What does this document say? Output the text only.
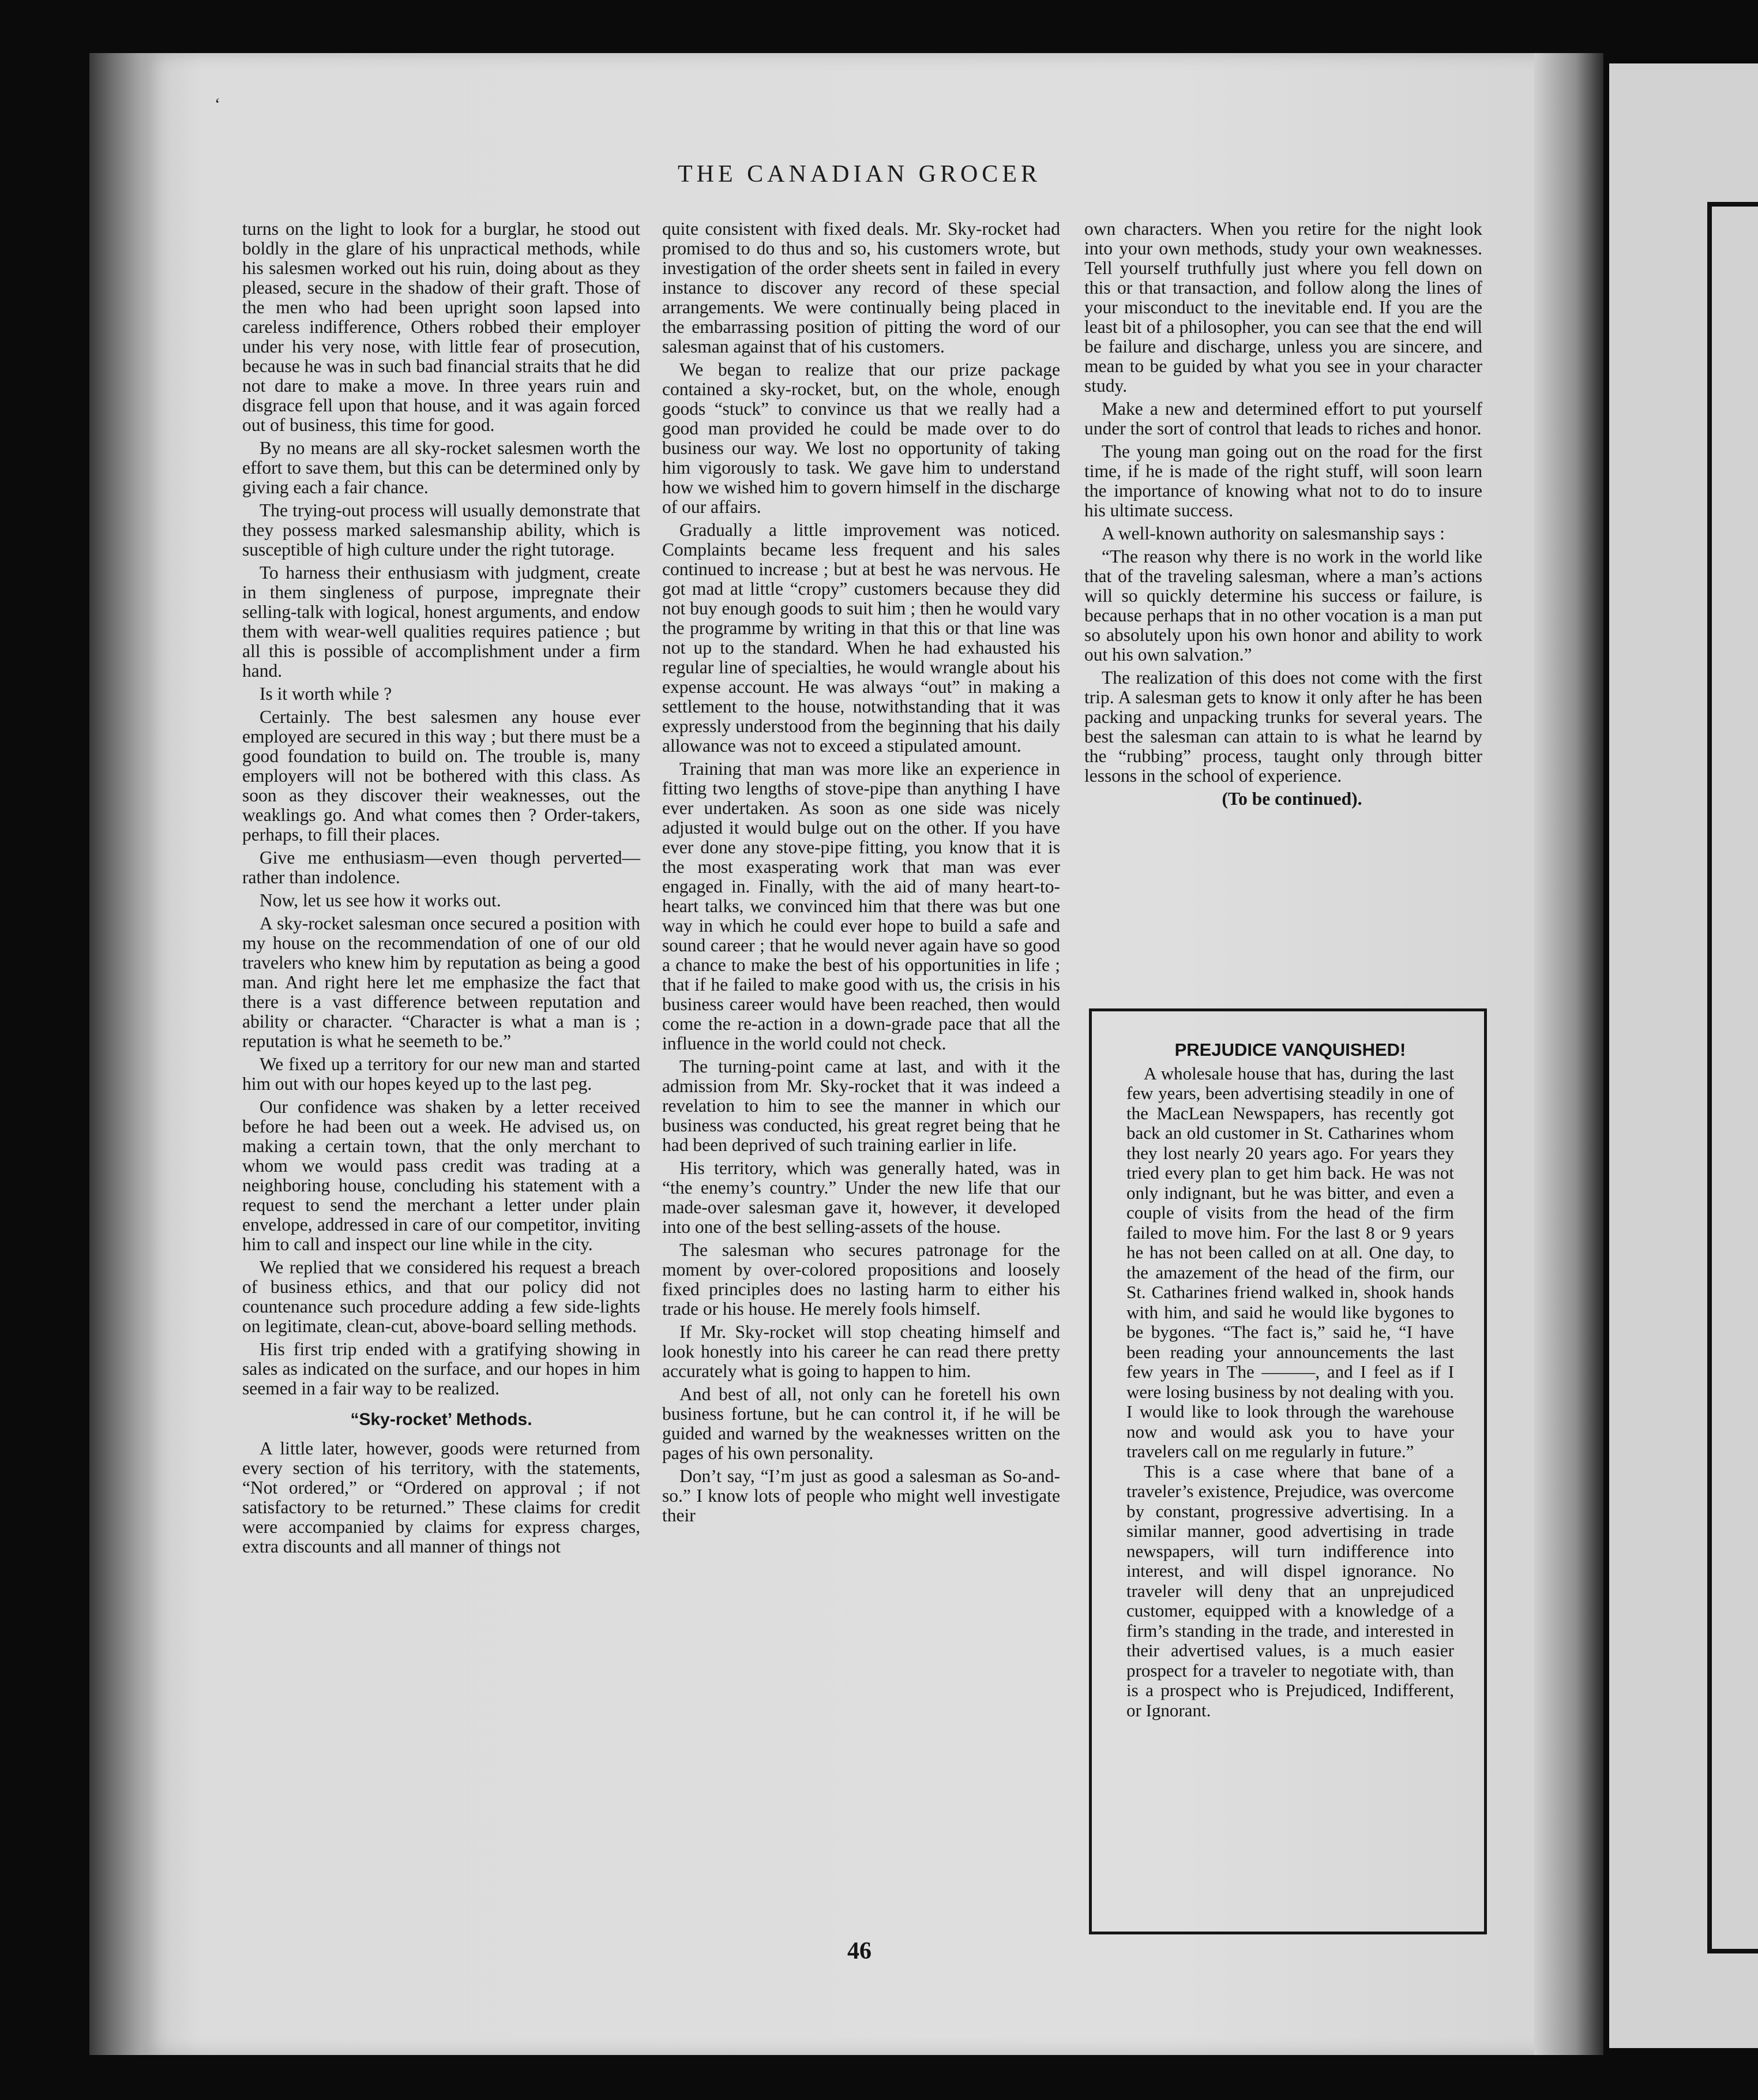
‘
THE CANADIAN GROCER

turns on the light to look for a burglar, he stood out boldly in the glare of his unpractical methods, while his salesmen worked out his ruin, doing about as they pleased, secure in the shadow of their graft. Those of the men who had been upright soon lapsed into careless indifference, Others robbed their employer under his very nose, with little fear of prosecution, because he was in such bad financial straits that he did not dare to make a move. In three years ruin and disgrace fell upon that house, and it was again forced out of business, this time for good.

By no means are all sky-rocket salesmen worth the effort to save them, but this can be determined only by giving each a fair chance.

The trying-out process will usually demonstrate that they possess marked salesmanship ability, which is susceptible of high culture under the right tutorage.

To harness their enthusiasm with judgment, create in them singleness of purpose, impregnate their selling-talk with logical, honest arguments, and endow them with wear-well qualities requires patience ; but all this is possible of accomplishment under a firm hand.

Is it worth while ?

Certainly. The best salesmen any house ever employed are secured in this way ; but there must be a good foundation to build on. The trouble is, many employers will not be bothered with this class. As soon as they discover their weaknesses, out the weaklings go. And what comes then ? Order-takers, perhaps, to fill their places.

Give me enthusiasm—even though perverted—rather than indolence.

Now, let us see how it works out.

A sky-rocket salesman once secured a position with my house on the recommendation of one of our old travelers who knew him by reputation as being a good man. And right here let me emphasize the fact that there is a vast difference between reputation and ability or character. “Character is what a man is ; reputation is what he seemeth to be.”

We fixed up a territory for our new man and started him out with our hopes keyed up to the last peg.

Our confidence was shaken by a letter received before he had been out a week. He advised us, on making a certain town, that the only merchant to whom we would pass credit was trading at a neighboring house, concluding his statement with a request to send the merchant a letter under plain envelope, addressed in care of our competitor, inviting him to call and inspect our line while in the city.

We replied that we considered his request a breach of business ethics, and that our policy did not countenance such procedure adding a few side-lights on legitimate, clean-cut, above-board selling methods.

His first trip ended with a gratifying showing in sales as indicated on the surface, and our hopes in him seemed in a fair way to be realized.

“Sky-rocket’ Methods.

A little later, however, goods were returned from every section of his territory, with the statements, “Not ordered,” or “Ordered on approval ; if not satisfactory to be returned.” These claims for credit were accompanied by claims for express charges, extra discounts and all manner of things not

quite consistent with fixed deals. Mr. Sky-rocket had promised to do thus and so, his customers wrote, but investigation of the order sheets sent in failed in every instance to discover any record of these special arrangements. We were continually being placed in the embarrassing position of pitting the word of our salesman against that of his customers.

We began to realize that our prize package contained a sky-rocket, but, on the whole, enough goods “stuck” to convince us that we really had a good man provided he could be made over to do business our way. We lost no opportunity of taking him vigorously to task. We gave him to understand how we wished him to govern himself in the discharge of our affairs.

Gradually a little improvement was noticed. Complaints became less frequent and his sales continued to increase ; but at best he was nervous. He got mad at little “cropy” customers because they did not buy enough goods to suit him ; then he would vary the programme by writing in that this or that line was not up to the standard. When he had exhausted his regular line of specialties, he would wrangle about his expense account. He was always “out” in making a settlement to the house, notwithstanding that it was expressly understood from the beginning that his daily allowance was not to exceed a stipulated amount.

Training that man was more like an experience in fitting two lengths of stove-pipe than anything I have ever undertaken. As soon as one side was nicely adjusted it would bulge out on the other. If you have ever done any stove-pipe fitting, you know that it is the most exasperating work that man was ever engaged in. Finally, with the aid of many heart-to-heart talks, we convinced him that there was but one way in which he could ever hope to build a safe and sound career ; that he would never again have so good a chance to make the best of his opportunities in life ; that if he failed to make good with us, the crisis in his business career would have been reached, then would come the re-action in a down-grade pace that all the influence in the world could not check.

The turning-point came at last, and with it the admission from Mr. Sky-rocket that it was indeed a revelation to him to see the manner in which our business was conducted, his great regret being that he had been deprived of such training earlier in life.

His territory, which was generally hated, was in “the enemy’s country.” Under the new life that our made-over salesman gave it, however, it developed into one of the best selling-assets of the house.

The salesman who secures patronage for the moment by over-colored propositions and loosely fixed principles does no lasting harm to either his trade or his house. He merely fools himself.

If Mr. Sky-rocket will stop cheating himself and look honestly into his career he can read there pretty accurately what is going to happen to him.

And best of all, not only can he foretell his own business fortune, but he can control it, if he will be guided and warned by the weaknesses written on the pages of his own personality.

Don’t say, “I’m just as good a salesman as So-and-so.” I know lots of people who might well investigate their

own characters. When you retire for the night look into your own methods, study your own weaknesses. Tell yourself truthfully just where you fell down on this or that transaction, and follow along the lines of your misconduct to the inevitable end. If you are the least bit of a philosopher, you can see that the end will be failure and discharge, unless you are sincere, and mean to be guided by what you see in your character study.

Make a new and determined effort to put yourself under the sort of control that leads to riches and honor.

The young man going out on the road for the first time, if he is made of the right stuff, will soon learn the importance of knowing what not to do to insure his ultimate success.

A well-known authority on salesmanship says :

“The reason why there is no work in the world like that of the traveling salesman, where a man’s actions will so quickly determine his success or failure, is because perhaps that in no other vocation is a man put so absolutely upon his own honor and ability to work out his own salvation.”

The realization of this does not come with the first trip. A salesman gets to know it only after he has been packing and unpacking trunks for several years. The best the salesman can attain to is what he learnd by the “rubbing” process, taught only through bitter lessons in the school of experience.

(To be continued).

PREJUDICE VANQUISHED!

A wholesale house that has, during the last few years, been advertising steadily in one of the MacLean Newspapers, has recently got back an old customer in St. Catharines whom they lost nearly 20 years ago. For years they tried every plan to get him back. He was not only indignant, but he was bitter, and even a couple of visits from the head of the firm failed to move him. For the last 8 or 9 years he has not been called on at all. One day, to the amazement of the head of the firm, our St. Catharines friend walked in, shook hands with him, and said he would like bygones to be bygones. “The fact is,” said he, “I have been reading your announcements the last few years in The ———, and I feel as if I were losing business by not dealing with you. I would like to look through the warehouse now and would ask you to have your travelers call on me regularly in future.”

This is a case where that bane of a traveler’s existence, Prejudice, was overcome by constant, progressive advertising. In a similar manner, good advertising in trade newspapers, will turn indifference into interest, and will dispel ignorance. No traveler will deny that an unprejudiced customer, equipped with a knowledge of a firm’s standing in the trade, and interested in their advertised values, is a much easier prospect for a traveler to negotiate with, than is a prospect who is Prejudiced, Indifferent, or Ignorant.

46
